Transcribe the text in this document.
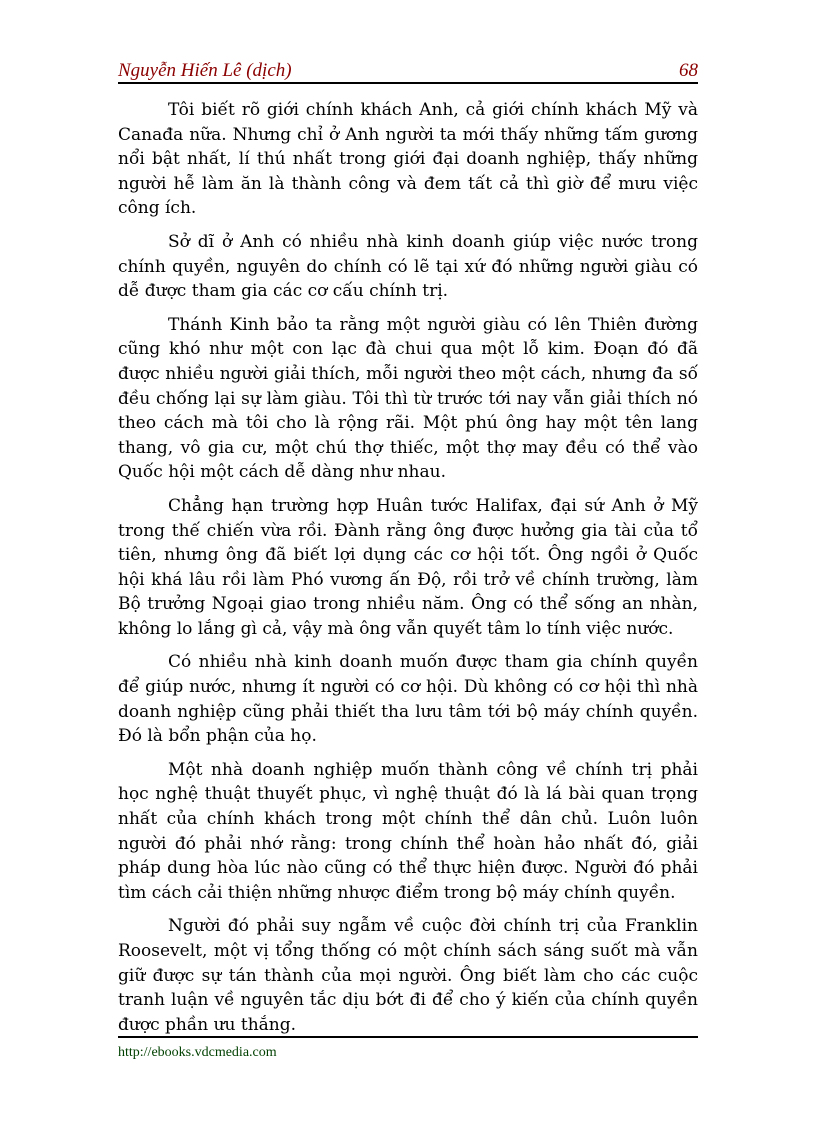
Nguyễn Hiến Lê (dịch)	68

Tôi biết rõ giới chính khách Anh, cả giới chính khách Mỹ và Canađa nữa. Nhưng chỉ ở Anh người ta mới thấy những tấm gương nổi bật nhất, lí thú nhất trong giới đại doanh nghiệp, thấy những người hễ làm ăn là thành công và đem tất cả thì giờ để mưu việc công ích.

Sở dĩ ở Anh có nhiều nhà kinh doanh giúp việc nước trong chính quyền, nguyên do chính có lẽ tại xứ đó những người giàu có dễ được tham gia các cơ cấu chính trị.

Thánh Kinh bảo ta rằng một người giàu có lên Thiên đường cũng khó như một con lạc đà chui qua một lỗ kim. Đoạn đó đã được nhiều người giải thích, mỗi người theo một cách, nhưng đa số đều chống lại sự làm giàu. Tôi thì từ trước tới nay vẫn giải thích nó theo cách mà tôi cho là rộng rãi. Một phú ông hay một tên lang thang, vô gia cư, một chú thợ thiếc, một thợ may đều có thể vào Quốc hội một cách dễ dàng như nhau.

Chẳng hạn trường hợp Huân tước Halifax, đại sứ Anh ở Mỹ trong thế chiến vừa rồi. Đành rằng ông được hưởng gia tài của tổ tiên, nhưng ông đã biết lợi dụng các cơ hội tốt. Ông ngồi ở Quốc hội khá lâu rồi làm Phó vương ấn Độ, rồi trở về chính trường, làm Bộ trưởng Ngoại giao trong nhiều năm. Ông có thể sống an nhàn, không lo lắng gì cả, vậy mà ông vẫn quyết tâm lo tính việc nước.

Có nhiều nhà kinh doanh muốn được tham gia chính quyền để giúp nước, nhưng ít người có cơ hội. Dù không có cơ hội thì nhà doanh nghiệp cũng phải thiết tha lưu tâm tới bộ máy chính quyền. Đó là bổn phận của họ.

Một nhà doanh nghiệp muốn thành công về chính trị phải học nghệ thuật thuyết phục, vì nghệ thuật đó là lá bài quan trọng nhất của chính khách trong một chính thể dân chủ. Luôn luôn người đó phải nhớ rằng: trong chính thể hoàn hảo nhất đó, giải pháp dung hòa lúc nào cũng có thể thực hiện được. Người đó phải tìm cách cải thiện những nhược điểm trong bộ máy chính quyền.

Người đó phải suy ngẫm về cuộc đời chính trị của Franklin Roosevelt, một vị tổng thống có một chính sách sáng suốt mà vẫn giữ được sự tán thành của mọi người. Ông biết làm cho các cuộc tranh luận về nguyên tắc dịu bớt đi để cho ý kiến của chính quyền được phần ưu thắng.

http://ebooks.vdcmedia.com
